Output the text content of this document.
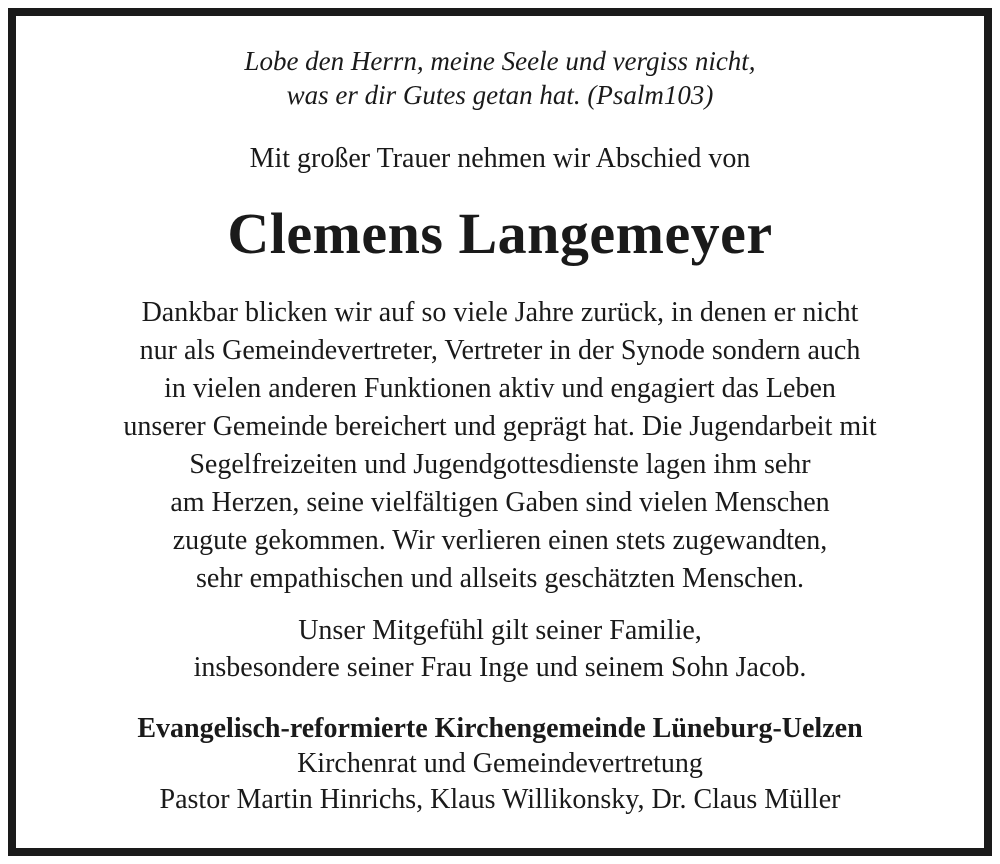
Lobe den Herrn, meine Seele und vergiss nicht,
was er dir Gutes getan hat. (Psalm103)
Mit großer Trauer nehmen wir Abschied von
Clemens Langemeyer
Dankbar blicken wir auf so viele Jahre zurück, in denen er nicht
nur als Gemeindevertreter, Vertreter in der Synode sondern auch
in vielen anderen Funktionen aktiv und engagiert das Leben
unserer Gemeinde bereichert und geprägt hat. Die Jugendarbeit mit
Segelfreizeiten und Jugendgottesdienste lagen ihm sehr
am Herzen, seine vielfältigen Gaben sind vielen Menschen
zugute gekommen. Wir verlieren einen stets zugewandten,
sehr empathischen und allseits geschätzten Menschen.
Unser Mitgefühl gilt seiner Familie,
insbesondere seiner Frau Inge und seinem Sohn Jacob.
Evangelisch-reformierte Kirchengemeinde Lüneburg-Uelzen
Kirchenrat und Gemeindevertretung
Pastor Martin Hinrichs, Klaus Willikonsky, Dr. Claus Müller
